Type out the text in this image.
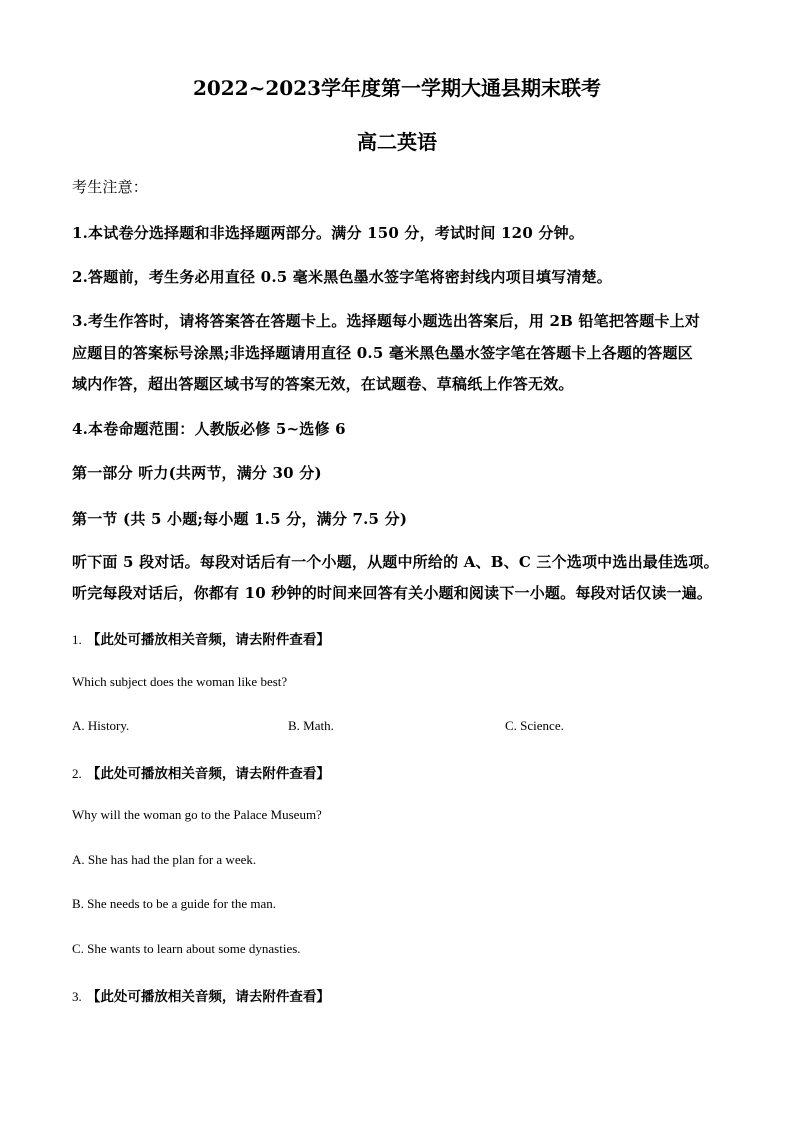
2022~2023学年度第一学期大通县期末联考
高二英语
考生注意：
1.本试卷分选择题和非选择题两部分。满分 150 分，考试时间 120 分钟。
2.答题前，考生务必用直径 0.5 毫米黑色墨水签字笔将密封线内项目填写清楚。
3.考生作答时，请将答案答在答题卡上。选择题每小题选出答案后，用 2B 铅笔把答题卡上对
应题目的答案标号涂黑;非选择题请用直径 0.5 毫米黑色墨水签字笔在答题卡上各题的答题区
域内作答，超出答题区域书写的答案无效，在试题卷、草稿纸上作答无效。
4.本卷命题范围：人教版必修 5~选修 6
第一部分 听力(共两节，满分 30 分)
第一节 (共 5 小题;每小题 1.5 分，满分 7.5 分)
听下面 5 段对话。每段对话后有一个小题，从题中所给的 A、B、C 三个选项中选出最佳选项。
听完每段对话后，你都有 10 秒钟的时间来回答有关小题和阅读下一小题。每段对话仅读一遍。
1. 【此处可播放相关音频，请去附件查看】
Which subject does the woman like best?
A. History.	B. Math.	C. Science.
2. 【此处可播放相关音频，请去附件查看】
Why will the woman go to the Palace Museum?
A. She has had the plan for a week.
B. She needs to be a guide for the man.
C. She wants to learn about some dynasties.
3. 【此处可播放相关音频，请去附件查看】
